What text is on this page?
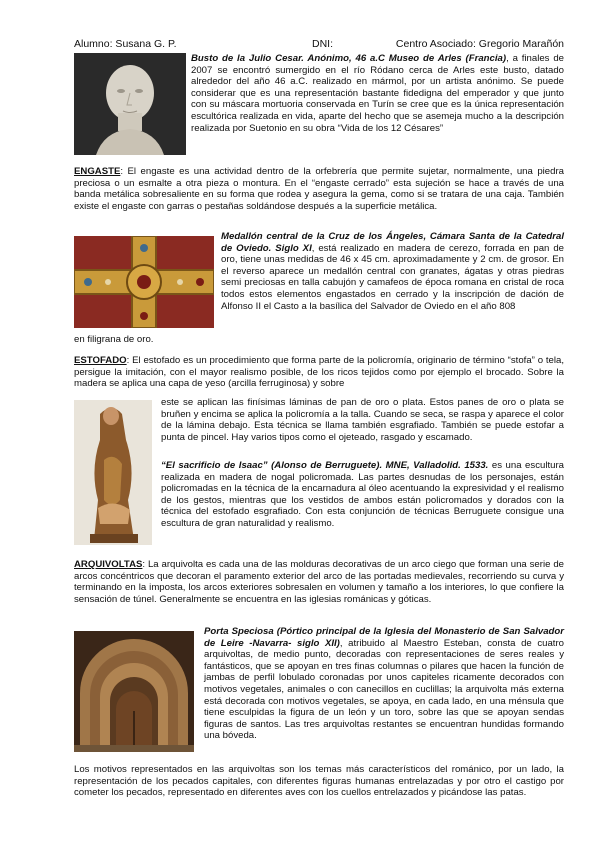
Alumno: Susana G. P.	DNI:	Centro Asociado: Gregorio Marañón

Busto de la Julio Cesar. Anónimo, 46 a.C Museo de Arles (Francia), a finales de 2007 se encontró sumergido en el río Ródano cerca de Arles este busto, datado alrededor del año 46 a.C. realizado en mármol, por un artista anónimo. Se puede considerar que es una representación bastante fidedigna del emperador y que junto con su máscara mortuoria conservada en Turín se cree que es la única representación escultórica realizada en vida, aparte del hecho que se asemeja mucho a la descripción realizada por Suetonio en su obra “Vida de los 12 Césares”

ENGASTE: El engaste es una actividad dentro de la orfebrería que permite sujetar, normalmente, una piedra preciosa o un esmalte a otra pieza o montura. En el “engaste cerrado” esta sujeción se hace a través de una banda metálica sobresaliente en su forma que rodea y asegura la gema, como si se tratara de una caja. También existe el engaste con garras o pestañas soldándose después a la superficie metálica.

Medallón central de la Cruz de los Ángeles, Cámara Santa de la Catedral de Oviedo. Siglo XI, está realizado en madera de cerezo, forrada en pan de oro, tiene unas medidas de 46 x 45 cm. aproximadamente y 2 cm. de grosor. En el reverso aparece un medallón central con granates, ágatas y otras piedras semi preciosas en talla cabujón y camafeos de época romana en cristal de roca todos estos elementos engastados en cerrado y la inscripción de dación de Alfonso II el Casto a la basílica del Salvador de Oviedo en el año 808

en filigrana de oro.

ESTOFADO: El estofado es un procedimiento que forma parte de la policromía, originario de término “stofa” o tela, persigue la imitación, con el mayor realismo posible, de los ricos tejidos como por ejemplo el brocado. Sobre la madera se aplica una capa de yeso (arcilla ferruginosa) y sobre

este se aplican las finísimas láminas de pan de oro o plata. Estos panes de oro o plata se bruñen y encima se aplica la policromía a la talla. Cuando se seca, se raspa y aparece el color de la lámina debajo. Esta técnica se llama también esgrafiado. También se puede estofar a punta de pincel. Hay varios tipos como el ojeteado, rasgado y escamado.

“El sacrificio de Isaac” (Alonso de Berruguete). MNE, Valladolid. 1533. es una escultura realizada en madera de nogal policromada. Las partes desnudas de los personajes, están policromadas en la técnica de la encarnadura al óleo acentuando la expresividad y el realismo de los gestos, mientras que los vestidos de ambos están policromados y dorados con la técnica del estofado esgrafiado. Con esta conjunción de técnicas Berruguete consigue una escultura de gran naturalidad y realismo.

ARQUIVOLTAS: La arquivolta es cada una de las molduras decorativas de un arco ciego que forman una serie de arcos concéntricos que decoran el paramento exterior del arco de las portadas medievales, recorriendo su curva y terminando en la imposta, los arcos exteriores sobresalen en volumen y tamaño a los interiores, lo que confiere la sensación de túnel. Generalmente se encuentra en las iglesias románicas y góticas.

Porta Speciosa (Pórtico principal de la Iglesia del Monasterio de San Salvador de Leire -Navarra- siglo XII), atribuido al Maestro Esteban, consta de cuatro arquivoltas, de medio punto, decoradas con representaciones de seres reales y fantásticos, que se apoyan en tres finas columnas o pilares que hacen la función de jambas de perfil lobulado coronadas por unos capiteles ricamente decorados con motivos vegetales, animales o con canecillos en cuclillas; la arquivolta más externa está decorada con motivos vegetales, se apoya, en cada lado, en una ménsula que tiene esculpidas la figura de un león y un toro, sobre las que se apoyan sendas figuras de santos. Las tres arquivoltas restantes se encuentran hundidas formando una bóveda.

Los motivos representados en las arquivoltas son los temas más característicos del románico, por un lado, la representación de los pecados capitales, con diferentes figuras humanas entrelazadas y por otro el castigo por cometer los pecados, representado en diferentes aves con los cuellos entrelazados y picándose las patas.
